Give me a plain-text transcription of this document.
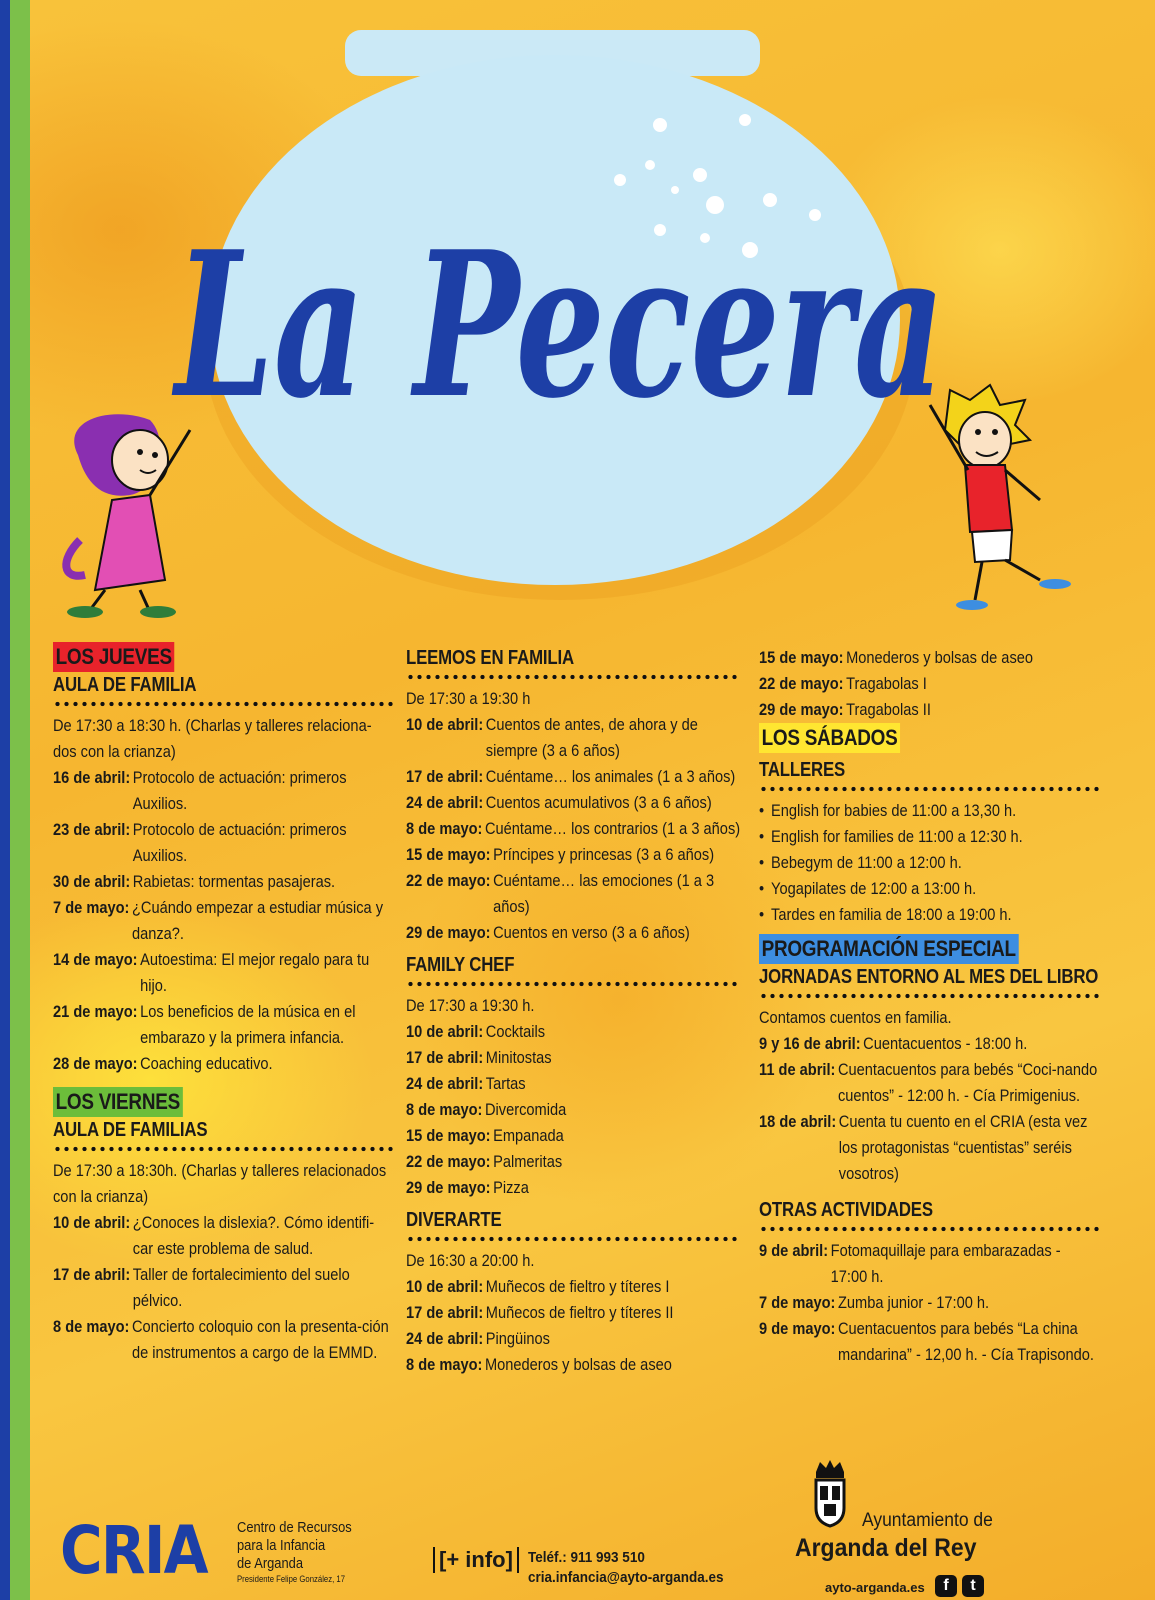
La Pecera
LOS JUEVES
AULA DE FAMILIA
De 17:30 a 18:30 h. (Charlas y talleres relaciona-dos con la crianza)
16 de abril: Protocolo de actuación: primeros Auxilios.
23 de abril: Protocolo de actuación: primeros Auxilios.
30 de abril: Rabietas: tormentas pasajeras.
7 de mayo: ¿Cuándo empezar a estudiar música y danza?.
14 de mayo: Autoestima: El mejor regalo para tu hijo.
21 de mayo: Los beneficios de la música en el embarazo y la primera infancia.
28 de mayo: Coaching educativo.
LOS VIERNES
AULA DE FAMILIAS
De 17:30 a 18:30h. (Charlas y talleres relacionados con la crianza)
10 de abril: ¿Conoces la dislexia?. Cómo identifi-car este problema de salud.
17 de abril: Taller de fortalecimiento del suelo pélvico.
8 de mayo: Concierto coloquio con la presenta-ción de instrumentos a cargo de la EMMD.
LEEMOS EN FAMILIA
De 17:30 a 19:30 h
10 de abril: Cuentos de antes, de ahora y de siempre (3 a 6 años)
17 de abril: Cuéntame… los animales (1 a 3 años)
24 de abril: Cuentos acumulativos (3 a 6 años)
8 de mayo: Cuéntame… los contrarios (1 a 3 años)
15 de mayo: Príncipes y princesas (3 a 6 años)
22 de mayo: Cuéntame… las emociones (1 a 3 años)
29 de mayo: Cuentos en verso (3 a 6 años)
FAMILY CHEF
De 17:30 a 19:30 h.
10 de abril: Cocktails
17 de abril: Minitostas
24 de abril: Tartas
8 de mayo: Divercomida
15 de mayo: Empanada
22 de mayo: Palmeritas
29 de mayo: Pizza
DIVERARTE
De 16:30 a 20:00 h.
10 de abril: Muñecos de fieltro y títeres I
17 de abril: Muñecos de fieltro y títeres II
24 de abril: Pingüinos
8 de mayo: Monederos y bolsas de aseo
15 de mayo: Monederos y bolsas de aseo
22 de mayo: Tragabolas I
29 de mayo: Tragabolas II
LOS SÁBADOS
TALLERES
• English for babies de 11:00 a 13,30 h.
• English for families de 11:00 a 12:30 h.
• Bebegym de 11:00 a 12:00 h.
• Yogapilates de 12:00 a 13:00 h.
• Tardes en familia de 18:00 a 19:00 h.
PROGRAMACIÓN ESPECIAL
JORNADAS ENTORNO AL MES DEL LIBRO
Contamos cuentos en familia.
9 y 16 de abril: Cuentacuentos - 18:00 h.
11 de abril: Cuentacuentos para bebés “Coci-nando cuentos” - 12:00 h. - Cía Primigenius.
18 de abril: Cuenta tu cuento en el CRIA (esta vez los protagonistas “cuentistas” seréis vosotros)
OTRAS ACTIVIDADES
9 de abril: Fotomaquillaje para embarazadas - 17:00 h.
7 de mayo: Zumba junior - 17:00 h.
9 de mayo: Cuentacuentos para bebés “La china mandarina” - 12,00 h. - Cía Trapisondo.
CRIA Centro de Recursos
para la Infancia
de Arganda
Presidente Felipe González, 17
[+ info]	Teléf.: 911 993 510
cria.infancia@ayto-arganda.es
Ayuntamiento de
Arganda del Rey
ayto-arganda.es	f	t
